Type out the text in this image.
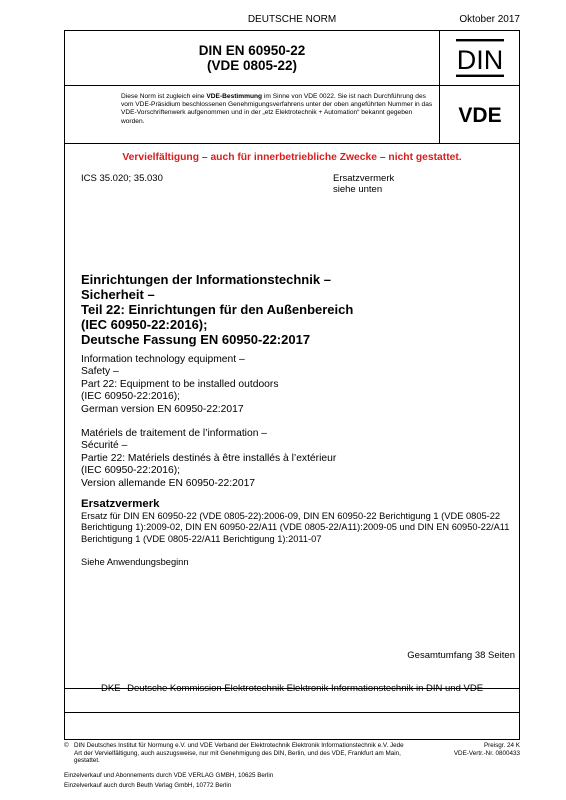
DEUTSCHE NORM	Oktober 2017
DIN EN 60950-22
(VDE 0805-22)	DIN
VDE
Diese Norm ist zugleich eine VDE-Bestimmung im Sinne von VDE 0022. Sie ist nach Durchführung des vom VDE-Präsidium beschlossenen Genehmigungsverfahrens unter der oben angeführten Nummer in das VDE-Vorschriftenwerk aufgenommen und in der „etz Elektrotechnik + Automation“ bekannt gegeben worden.
Vervielfältigung – auch für innerbetriebliche Zwecke – nicht gestattet.
ICS 35.020; 35.030	Ersatzvermerk
siehe unten
Einrichtungen der Informationstechnik –
Sicherheit –
Teil 22: Einrichtungen für den Außenbereich
(IEC 60950-22:2016);
Deutsche Fassung EN 60950-22:2017
Information technology equipment –
Safety –
Part 22: Equipment to be installed outdoors
(IEC 60950-22:2016);
German version EN 60950-22:2017
Matériels de traitement de l’information –
Sécurité –
Partie 22: Matériels destinés à être installés à l’extérieur
(IEC 60950-22:2016);
Version allemande EN 60950-22:2017
Ersatzvermerk
Ersatz für DIN EN 60950-22 (VDE 0805-22):2006-09, DIN EN 60950-22 Berichtigung 1 (VDE 0805-22 Berichtigung 1):2009-02, DIN EN 60950-22/A11 (VDE 0805-22/A11):2009-05 und DIN EN 60950-22/A11 Berichtigung 1 (VDE 0805-22/A11 Berichtigung 1):2011-07
Siehe Anwendungsbeginn
Gesamtumfang 38 Seiten
DKE Deutsche Kommission Elektrotechnik Elektronik Informationstechnik in DIN und VDE
© DIN Deutsches Institut für Normung e.V. und VDE Verband der Elektrotechnik Elektronik Informationstechnik e.V. Jede Art der Vervielfältigung, auch auszugsweise, nur mit Genehmigung des DIN, Berlin, und des VDE, Frankfurt am Main, gestattet.
Preisgr. 24 K
VDE-Vertr.-Nr. 0800433
Einzelverkauf und Abonnements durch VDE VERLAG GMBH, 10625 Berlin
Einzelverkauf auch durch Beuth Verlag GmbH, 10772 Berlin
